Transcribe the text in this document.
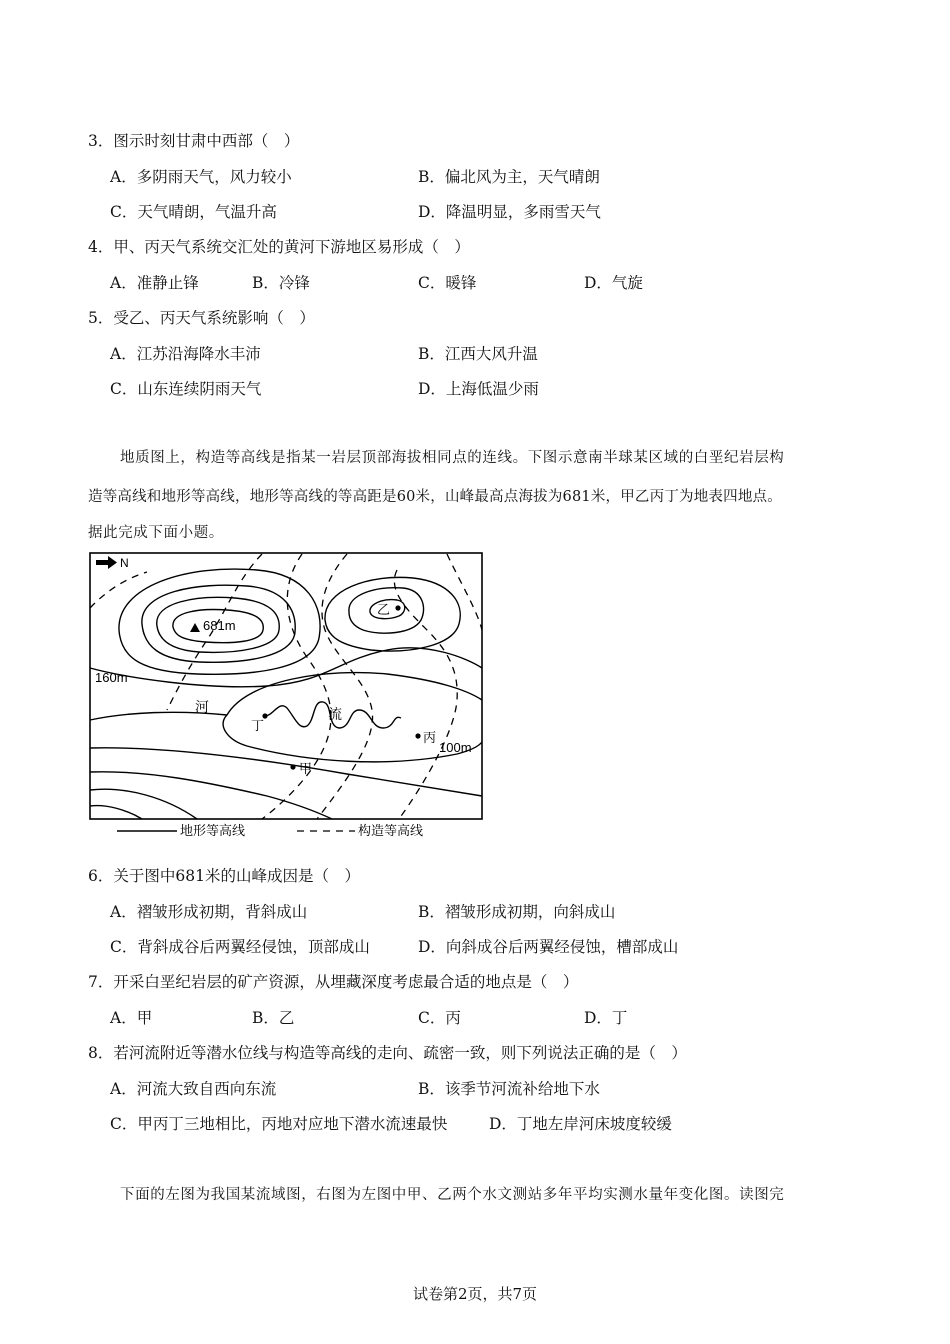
3．图示时刻甘肃中西部（　）
A．多阴雨天气，风力较小	B．偏北风为主，天气晴朗
C．天气晴朗，气温升高	D．降温明显，多雨雪天气
4．甲、丙天气系统交汇处的黄河下游地区易形成（　）
A．准静止锋	B．冷锋	C．暖锋	D．气旋
5．受乙、丙天气系统影响（　）
A．江苏沿海降水丰沛	B．江西大风升温
C．山东连续阴雨天气	D．上海低温少雨
地质图上，构造等高线是指某一岩层顶部海拔相同点的连线。下图示意南半球某区域的白垩纪岩层构
造等高线和地形等高线，地形等高线的等高距是60米，山峰最高点海拔为681米，甲乙丙丁为地表四地点。
据此完成下面小题。
N
681m
160m
100m
河	流
乙
丁
丙
甲
地形等高线	构造等高线
6．关于图中681米的山峰成因是（　）
A．褶皱形成初期，背斜成山	B．褶皱形成初期，向斜成山
C．背斜成谷后两翼经侵蚀，顶部成山	D．向斜成谷后两翼经侵蚀，槽部成山
7．开采白垩纪岩层的矿产资源，从埋藏深度考虑最合适的地点是（　）
A．甲	B．乙	C．丙	D．丁
8．若河流附近等潜水位线与构造等高线的走向、疏密一致，则下列说法正确的是（　）
A．河流大致自西向东流	B．该季节河流补给地下水
C．甲丙丁三地相比，丙地对应地下潜水流速最快	D．丁地左岸河床坡度较缓
下面的左图为我国某流域图，右图为左图中甲、乙两个水文测站多年平均实测水量年变化图。读图完
试卷第2页，共7页
